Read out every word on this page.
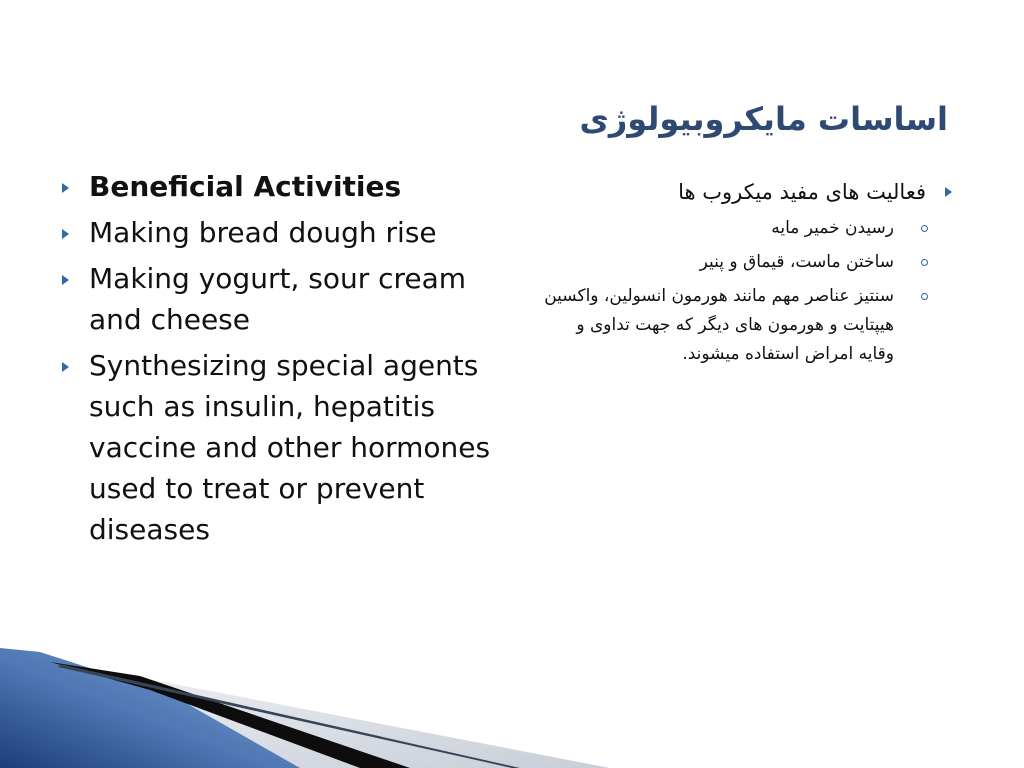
اساسات مایکروبیولوژی
Beneficial Activities
Making bread dough rise
Making yogurt, sour cream and cheese
Synthesizing special agents such as insulin, hepatitis vaccine and other hormones used to treat or prevent diseases
فعالیت های مفید میکروب ها
رسیدن خمیر مایه
ساختن ماست، قیماق و پنیر
سنتیز عناصر مهم مانند هورمون انسولین، واکسین هیپتایت و هورمون های دیگر که جهت تداوی و وقایه امراض استفاده میشوند.
